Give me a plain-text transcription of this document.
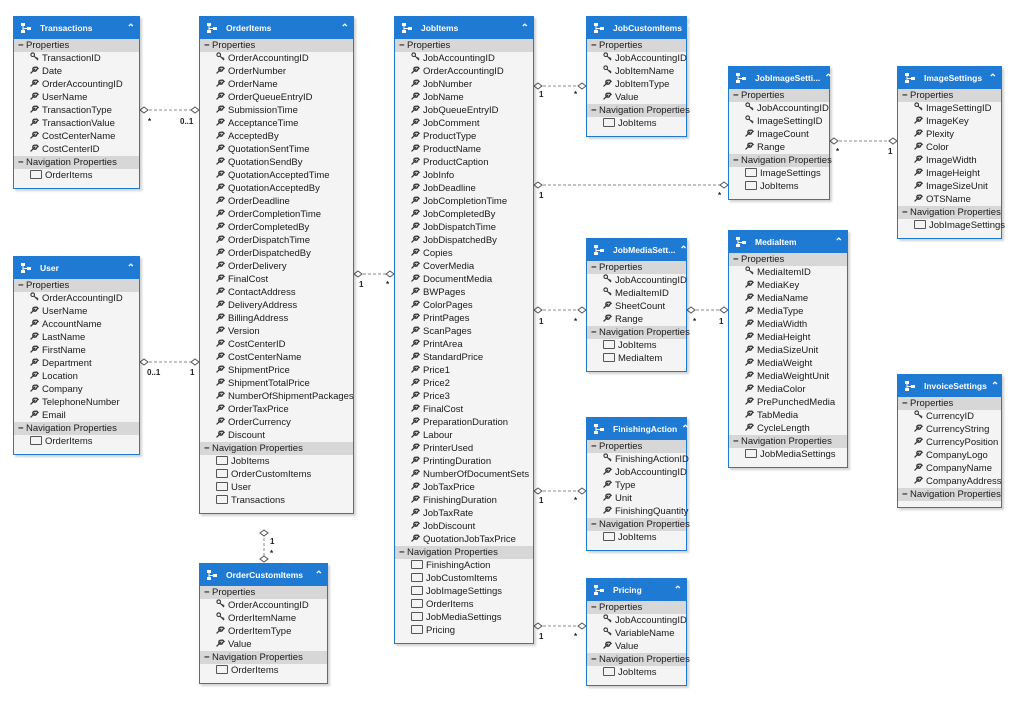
Transactions	⌃
− Properties
TransactionID
Date
OrderAccountingID
UserName
TransactionType
TransactionValue
CostCenterName
CostCenterID
− Navigation Properties
OrderItems
User	⌃
− Properties
OrderAccountingID
UserName
AccountName
LastName
FirstName
Department
Location
Company
TelephoneNumber
Email
− Navigation Properties
OrderItems
OrderItems	⌃
− Properties
OrderAccountingID
OrderNumber
OrderName
OrderQueueEntryID
SubmissionTime
AcceptanceTime
AcceptedBy
QuotationSentTime
QuotationSendBy
QuotationAcceptedTime
QuotationAcceptedBy
OrderDeadline
OrderCompletionTime
OrderCompletedBy
OrderDispatchTime
OrderDispatchedBy
OrderDelivery
FinalCost
ContactAddress
DeliveryAddress
BillingAddress
Version
CostCenterID
CostCenterName
ShipmentPrice
ShipmentTotalPrice
NumberOfShipmentPackages
OrderTaxPrice
OrderCurrency
Discount
− Navigation Properties
JobItems
OrderCustomItems
User
Transactions
OrderCustomItems	⌃
− Properties
OrderAccountingID
OrderItemName
OrderItemType
Value
− Navigation Properties
OrderItems
JobItems	⌃
− Properties
JobAccountingID
OrderAccountingID
JobNumber
JobName
JobQueueEntryID
JobComment
ProductType
ProductName
ProductCaption
JobInfo
JobDeadline
JobCompletionTime
JobCompletedBy
JobDispatchTime
JobDispatchedBy
Copies
CoverMedia
DocumentMedia
BWPages
ColorPages
PrintPages
ScanPages
PrintArea
StandardPrice
Price1
Price2
Price3
FinalCost
PreparationDuration
Labour
PrinterUsed
PrintingDuration
NumberOfDocumentSets
JobTaxPrice
FinishingDuration
JobTaxRate
JobDiscount
QuotationJobTaxPrice
− Navigation Properties
FinishingAction
JobCustomItems
JobImageSettings
OrderItems
JobMediaSettings
Pricing
JobCustomItems ⌃
− Properties
JobAccountingID
JobItemName
JobItemType
Value
− Navigation Properties
JobItems
JobImageSetti... ⌃
− Properties
JobAccountingID
ImageSettingID
ImageCount
Range
− Navigation Properties
ImageSettings
JobItems
ImageSettings ⌃
− Properties
ImageSettingID
ImageKey
Plexity
Color
ImageWidth
ImageHeight
ImageSizeUnit
OTSName
− Navigation Properties
JobImageSettings
JobMediaSett... ⌃
− Properties
JobAccountingID
MediaItemID
SheetCount
Range
− Navigation Properties
JobItems
MediaItem
MediaItem	⌃
− Properties
MediaItemID
MediaKey
MediaName
MediaType
MediaWidth
MediaHeight
MediaSizeUnit
MediaWeight
MediaWeightUnit
MediaColor
PrePunchedMedia
TabMedia
CycleLength
− Navigation Properties
JobMediaSettings
InvoiceSettings ⌃
− Properties
CurrencyID
CurrencyString
CurrencyPosition
CompanyLogo
CompanyName
CompanyAddress
− Navigation Properties
FinishingAction ⌃
− Properties
FinishingActionID
JobAccountingID
Type
Unit
FinishingQuantity
− Navigation Properties
JobItems
Pricing	⌃
− Properties
JobAccountingID
VariableName
Value
− Navigation Properties
JobItems
*	0..1
0..1	1
1	*
1
*
1	*
1	*
*	1
1	*	*	1
1	*
1	*
